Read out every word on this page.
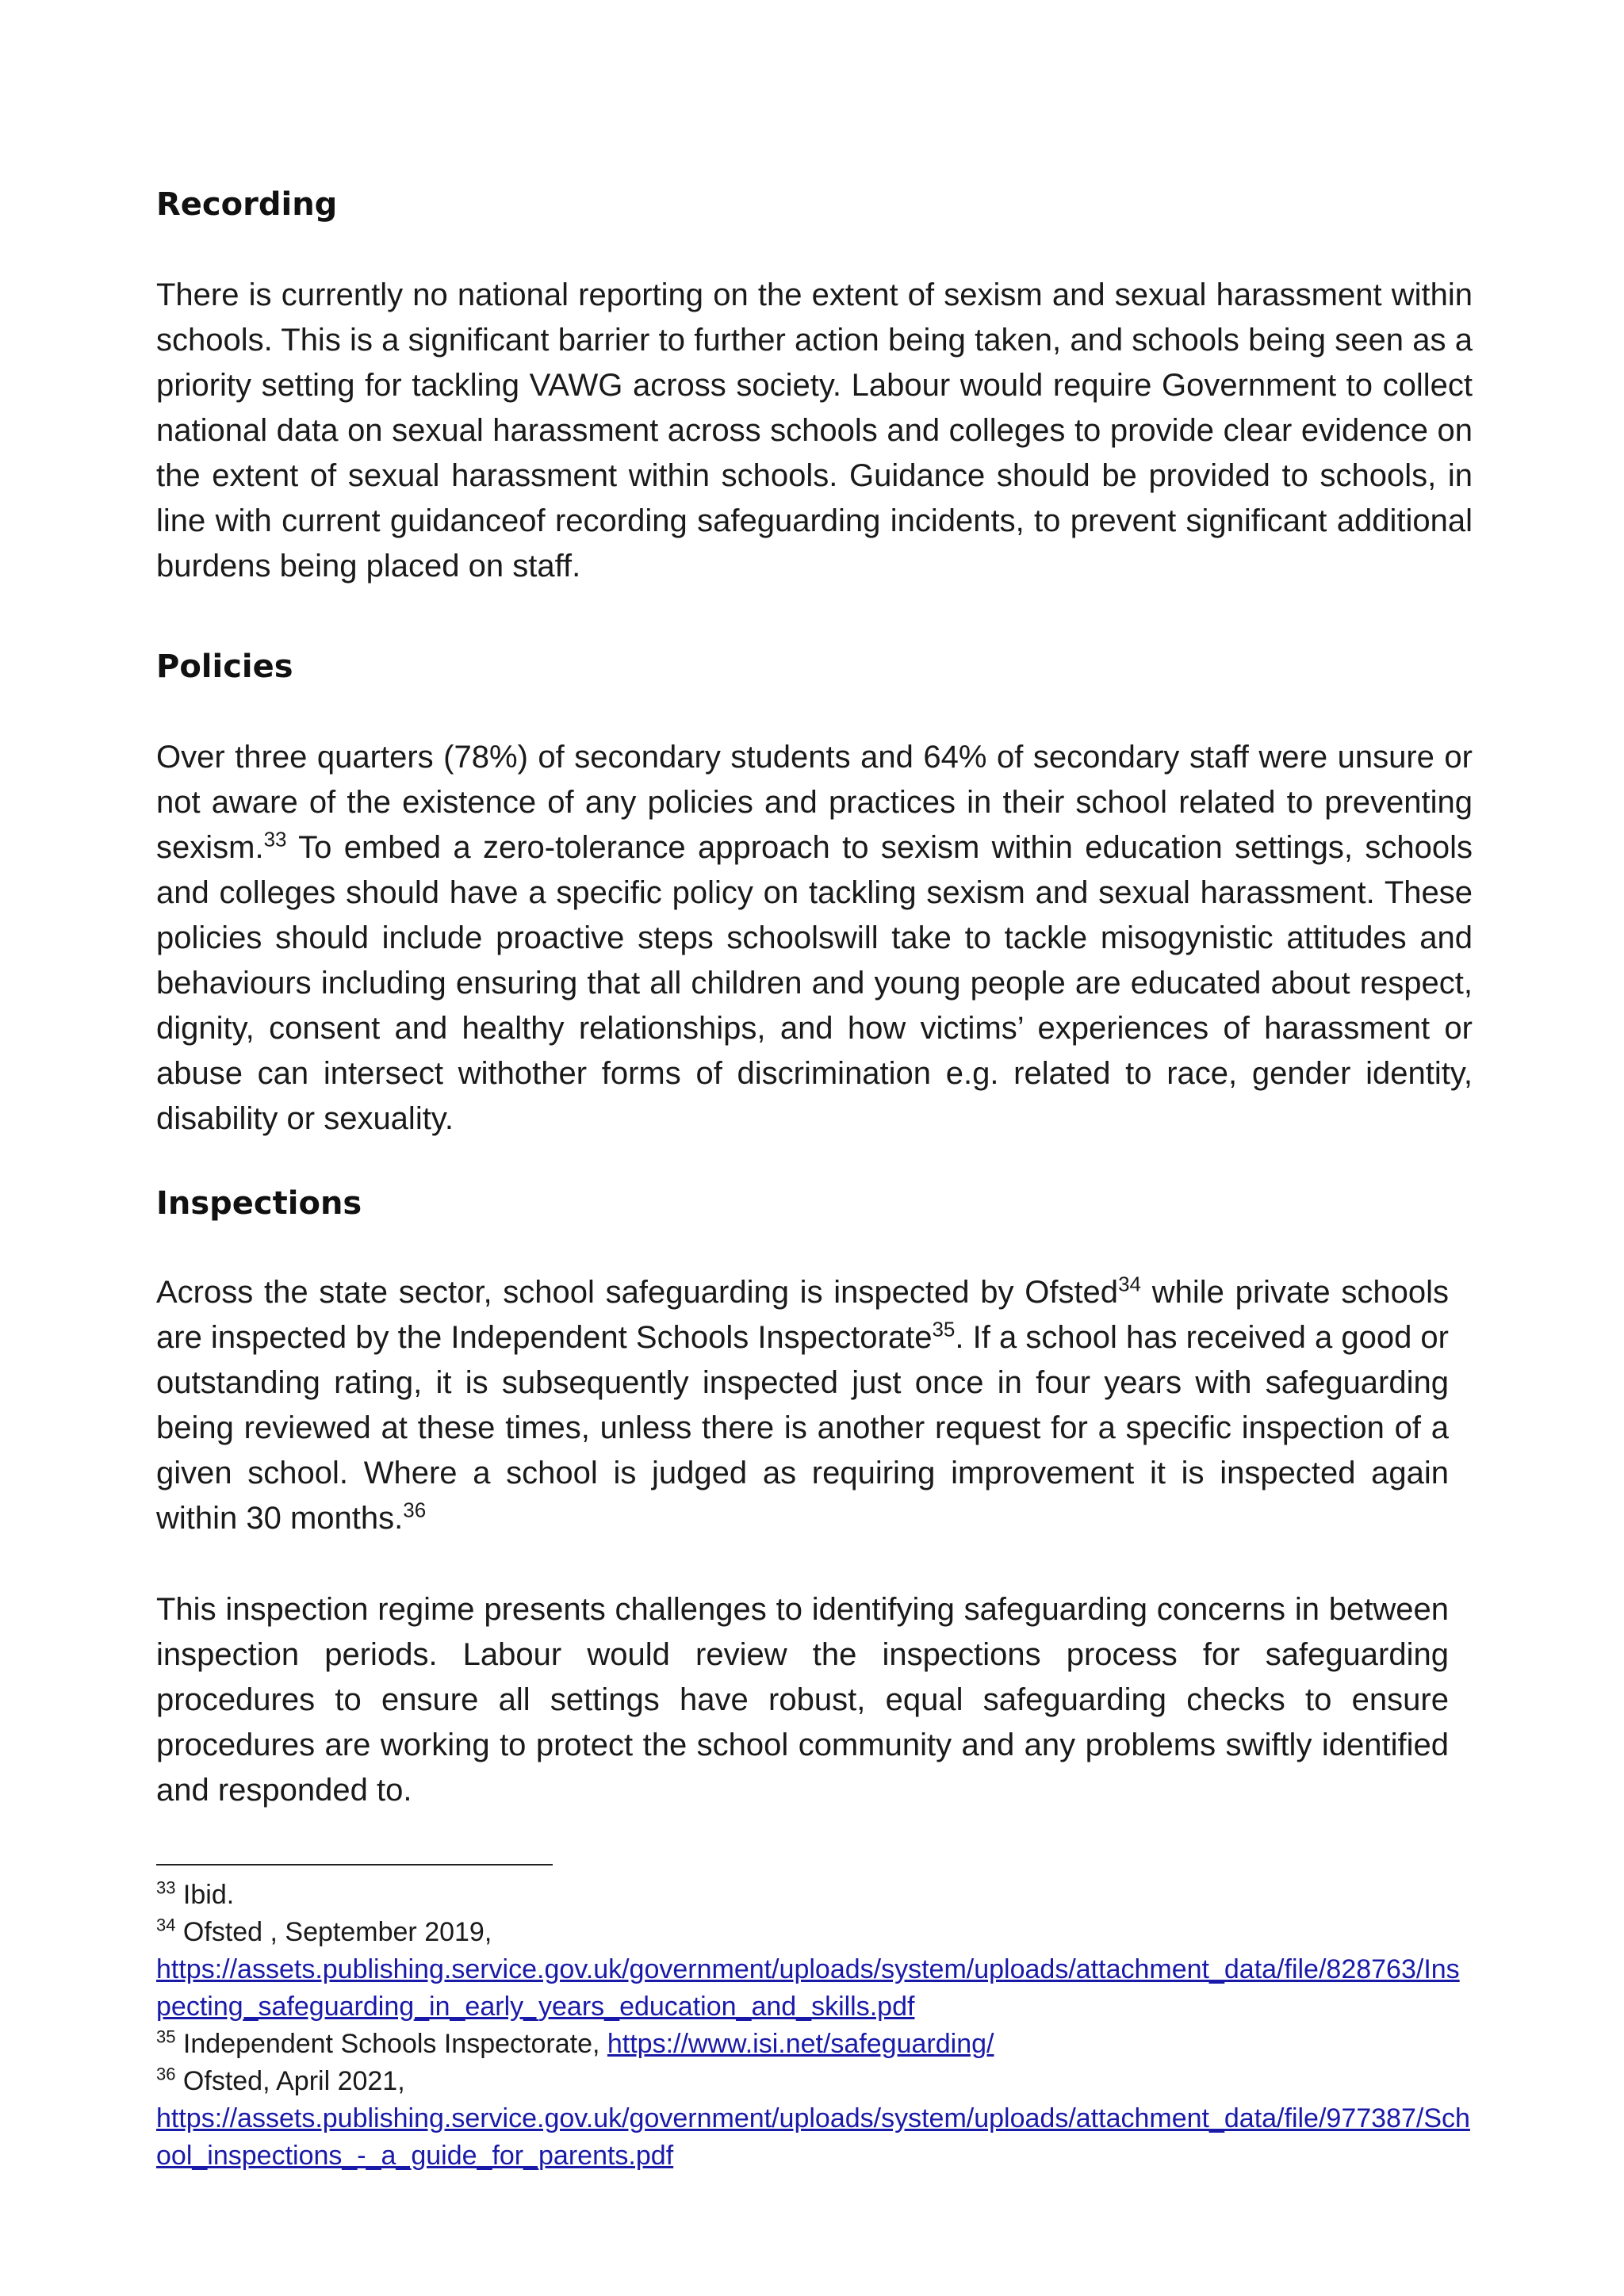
Recording

There is currently no national reporting on the extent of sexism and sexual harassment within schools. This is a significant barrier to further action being taken, and schools being seen as a priority setting for tackling VAWG across society. Labour would require Government to collect national data on sexual harassment across schools and colleges to provide clear evidence on the extent of sexual harassment within schools. Guidance should be provided to schools, in line with current guidanceof recording safeguarding incidents, to prevent significant additional burdens being placed on staff.

Policies

Over three quarters (78%) of secondary students and 64% of secondary staff were unsure or not aware of the existence of any policies and practices in their school related to preventing sexism.$^{33}$ To embed a zero-tolerance approach to sexism within education settings, schools and colleges should have a specific policy on tackling sexism and sexual harassment. These policies should include proactive steps schoolswill take to tackle misogynistic attitudes and behaviours including ensuring that all children and young people are educated about respect, dignity, consent and healthy relationships, and how victims’ experiences of harassment or abuse can intersect withother forms of discrimination e.g. related to race, gender identity, disability or sexuality.

Inspections

Across the state sector, school safeguarding is inspected by Ofsted$^{34}$ while private schools are inspected by the Independent Schools Inspectorate$^{35}$. If a school has received a good or outstanding rating, it is subsequently inspected just once in four years with safeguarding being reviewed at these times, unless there is another request for a specific inspection of a given school. Where a school is judged as requiring improvement it is inspected again within 30 months.$^{36}$

This inspection regime presents challenges to identifying safeguarding concerns in between inspection periods. Labour would review the inspections process for safeguarding procedures to ensure all settings have robust, equal safeguarding checks to ensure procedures are working to protect the school community and any problems swiftly identified and responded to.

$^{33}$ Ibid.
$^{34}$ Ofsted , September 2019,
https://assets.publishing.service.gov.uk/government/uploads/system/uploads/attachment_data/file/828763/Inspecting_safeguarding_in_early_years_education_and_skills.pdf
$^{35}$ Independent Schools Inspectorate, https://www.isi.net/safeguarding/
$^{36}$ Ofsted, April 2021,
https://assets.publishing.service.gov.uk/government/uploads/system/uploads/attachment_data/file/977387/School_inspections_-_a_guide_for_parents.pdf
